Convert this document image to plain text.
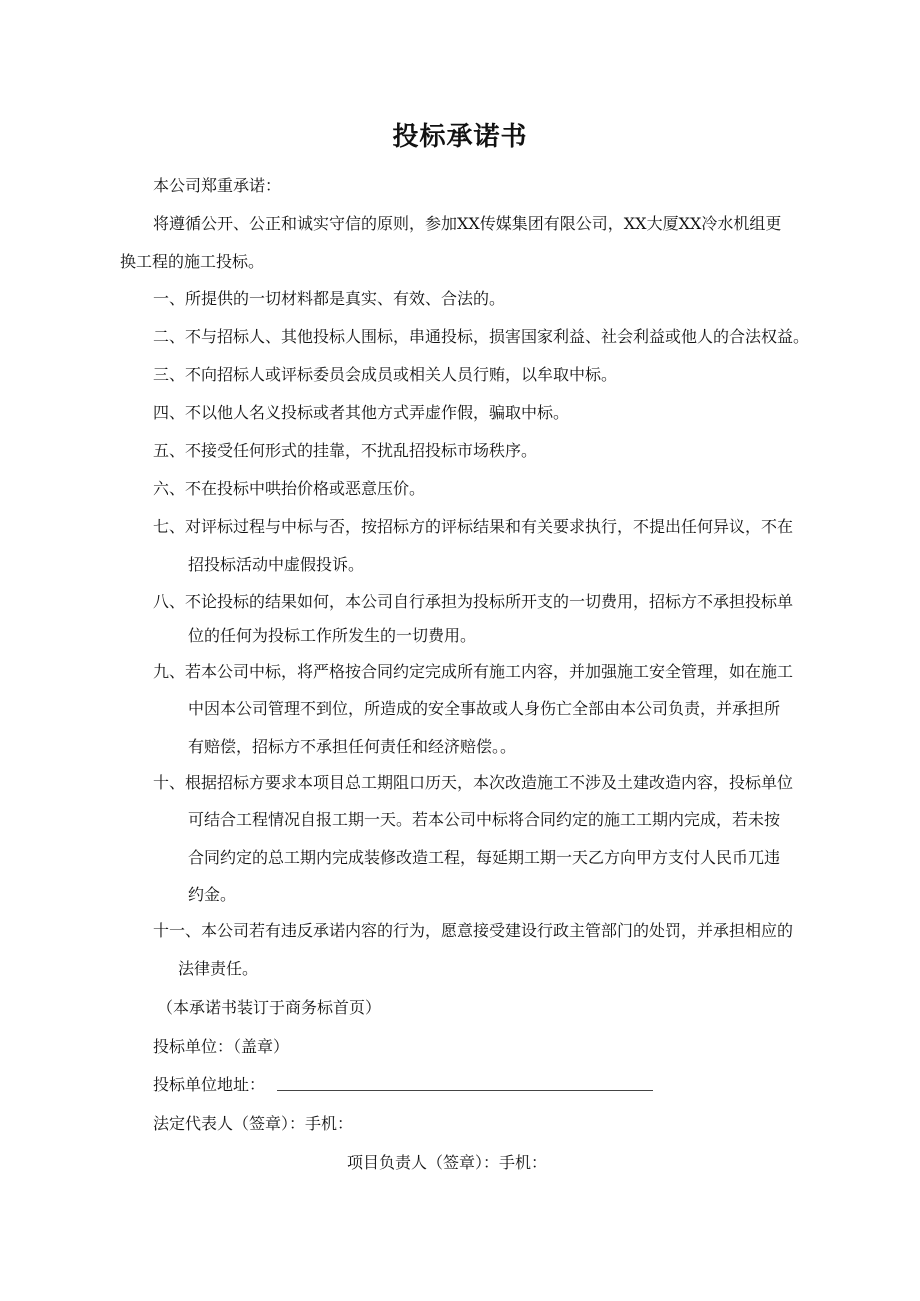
投标承诺书
本公司郑重承诺：
将遵循公开、公正和诚实守信的原则，参加XX传媒集团有限公司，XX大厦XX冷水机组更
换工程的施工投标。
一、所提供的一切材料都是真实、有效、合法的。
二、不与招标人、其他投标人围标，串通投标，损害国家利益、社会利益或他人的合法权益。
三、不向招标人或评标委员会成员或相关人员行贿，以牟取中标。
四、不以他人名义投标或者其他方式弄虚作假，骗取中标。
五、不接受任何形式的挂靠，不扰乱招投标市场秩序。
六、不在投标中哄抬价格或恶意压价。
七、对评标过程与中标与否，按招标方的评标结果和有关要求执行，不提出任何异议，不在
招投标活动中虚假投诉。
八、不论投标的结果如何，本公司自行承担为投标所开支的一切费用，招标方不承担投标单
位的任何为投标工作所发生的一切费用。
九、若本公司中标，将严格按合同约定完成所有施工内容，并加强施工安全管理，如在施工
中因本公司管理不到位，所造成的安全事故或人身伤亡全部由本公司负责，并承担所
有赔偿，招标方不承担任何责任和经济赔偿。。
十、根据招标方要求本项目总工期阻口历天，本次改造施工不涉及土建改造内容，投标单位
可结合工程情况自报工期一天。若本公司中标将合同约定的施工工期内完成，若未按
合同约定的总工期内完成装修改造工程，每延期工期一天乙方向甲方支付人民币兀违
约金。
十一、本公司若有违反承诺内容的行为，愿意接受建设行政主管部门的处罚，并承担相应的
法律责任。
（本承诺书装订于商务标首页）
投标单位：（盖章）
投标单位地址：
法定代表人（签章）：手机：
项目负责人（签章）：手机：
